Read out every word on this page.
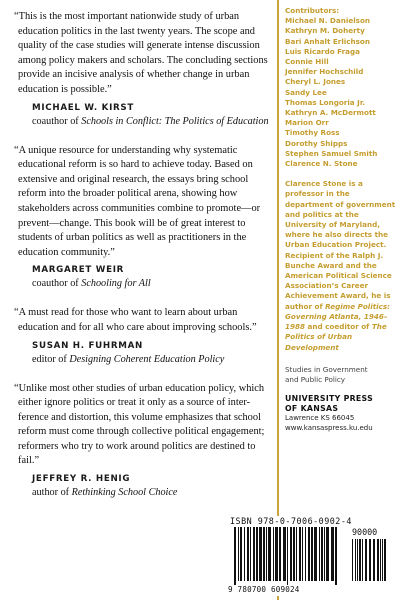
“This is the most important nationwide study of urban education politics in the last twenty years. The scope and quality of the case studies will generate intense discussion among policy makers and scholars. The concluding sections provide an incisive analysis of whether change in urban education is possible.”

MICHAEL W. KIRST
coauthor of Schools in Conflict: The Politics of Education

“A unique resource for understanding why systematic educational reform is so hard to achieve today. Based on extensive and original research, the essays bring school reform into the broader political arena, showing how stakeholders across communities combine to promote—or prevent—change. This book will be of great interest to students of urban politics as well as practitioners in the education community.”

MARGARET WEIR
coauthor of Schooling for All

“A must read for those who want to learn about urban education and for all who care about improving schools.”

SUSAN H. FUHRMAN
editor of Designing Coherent Education Policy

“Unlike most other studies of urban education policy, which either ignore politics or treat it only as a source of inter-ference and distortion, this volume emphasizes that school reform must come through collective political engagement; reformers who try to work around politics are destined to fail.”

JEFFREY R. HENIG
author of Rethinking School Choice
Contributors:
Michael N. Danielson
Kathryn M. Doherty
Bari Anhalt Erlichson
Luis Ricardo Fraga
Connie Hill
Jennifer Hochschild
Cheryl L. Jones
Sandy Lee
Thomas Longoria Jr.
Kathryn A. McDermott
Marion Orr
Timothy Ross
Dorothy Shipps
Stephen Samuel Smith
Clarence N. Stone
Clarence Stone is a professor in the department of government and politics at the University of Maryland, where he also directs the Urban Education Project. Recipient of the Ralph J. Bunche Award and the American Political Science Association’s Career Achievement Award, he is author of Regime Politics: Governing Atlanta, 1946–1988 and coeditor of The Politics of Urban Development
Studies in Government
and Public Policy
UNIVERSITY PRESS
OF KANSAS
Lawrence KS 66045
www.kansaspress.ku.edu
ISBN 978-0-7006-0902-4
90000
9 780700 609024
